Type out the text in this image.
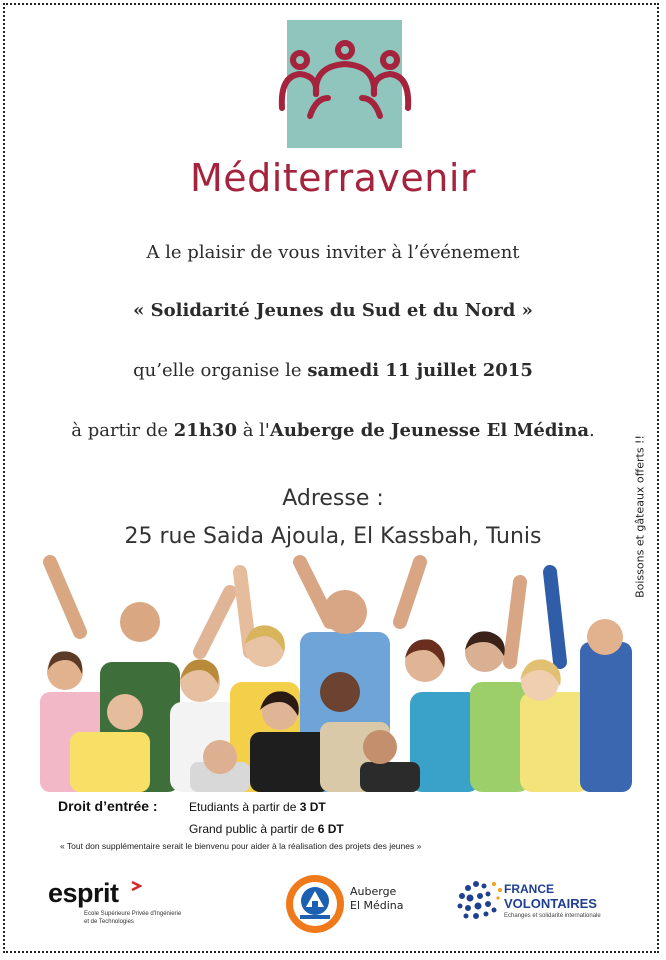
Méditerravenir
A le plaisir de vous inviter à l’événement
« Solidarité Jeunes du Sud et du Nord »
qu’elle organise le samedi 11 juillet 2015
à partir de 21h30 à l'Auberge de Jeunesse El Médina.
Adresse :
25 rue Saida Ajoula, El Kassbah, Tunis	Boissons et gâteaux offerts !!
Droit d’entrée :	Etudiants à partir de 3 DT
Grand public à partir de 6 DT
« Tout don supplémentaire serait le bienvenu pour aider à la réalisation des projets des jeunes »
esprit
Ecole Supérieure Privée d'Ingénierie et de Technologies
Auberge
El Médina
FRANCE
VOLONTAIRES
Echanges et solidarité internationale
